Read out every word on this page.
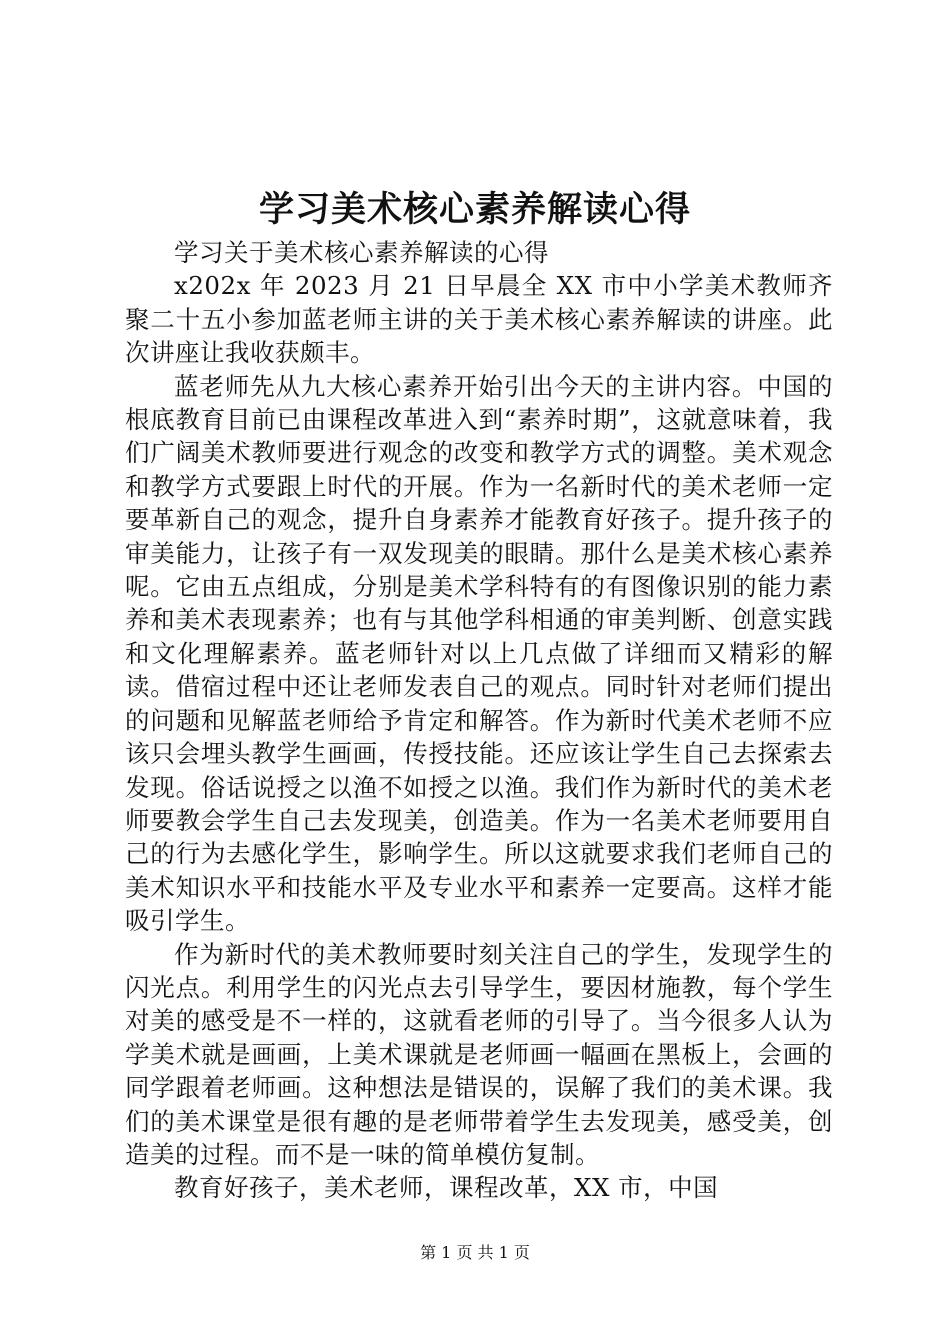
学习美术核心素养解读心得

学习关于美术核心素养解读的心得

x202x 年 2023 月 21 日早晨全 XX 市中小学美术教师齐聚二十五小参加蓝老师主讲的关于美术核心素养解读的讲座。此次讲座让我收获颇丰。

蓝老师先从九大核心素养开始引出今天的主讲内容。中国的根底教育目前已由课程改革进入到“素养时期”，这就意味着，我们广阔美术教师要进行观念的改变和教学方式的调整。美术观念和教学方式要跟上时代的开展。作为一名新时代的美术老师一定要革新自己的观念，提升自身素养才能教育好孩子。提升孩子的审美能力，让孩子有一双发现美的眼睛。那什么是美术核心素养呢。它由五点组成，分别是美术学科特有的有图像识别的能力素养和美术表现素养；也有与其他学科相通的审美判断、创意实践和文化理解素养。蓝老师针对以上几点做了详细而又精彩的解读。借宿过程中还让老师发表自己的观点。同时针对老师们提出的问题和见解蓝老师给予肯定和解答。作为新时代美术老师不应该只会埋头教学生画画，传授技能。还应该让学生自己去探索去发现。俗话说授之以渔不如授之以渔。我们作为新时代的美术老师要教会学生自己去发现美，创造美。作为一名美术老师要用自己的行为去感化学生，影响学生。所以这就要求我们老师自己的美术知识水平和技能水平及专业水平和素养一定要高。这样才能吸引学生。

作为新时代的美术教师要时刻关注自己的学生，发现学生的闪光点。利用学生的闪光点去引导学生，要因材施教，每个学生对美的感受是不一样的，这就看老师的引导了。当今很多人认为学美术就是画画，上美术课就是老师画一幅画在黑板上，会画的同学跟着老师画。这种想法是错误的，误解了我们的美术课。我们的美术课堂是很有趣的是老师带着学生去发现美，感受美，创造美的过程。而不是一味的简单模仿复制。

教育好孩子，美术老师，课程改革，XX 市，中国

第 1 页 共 1 页
